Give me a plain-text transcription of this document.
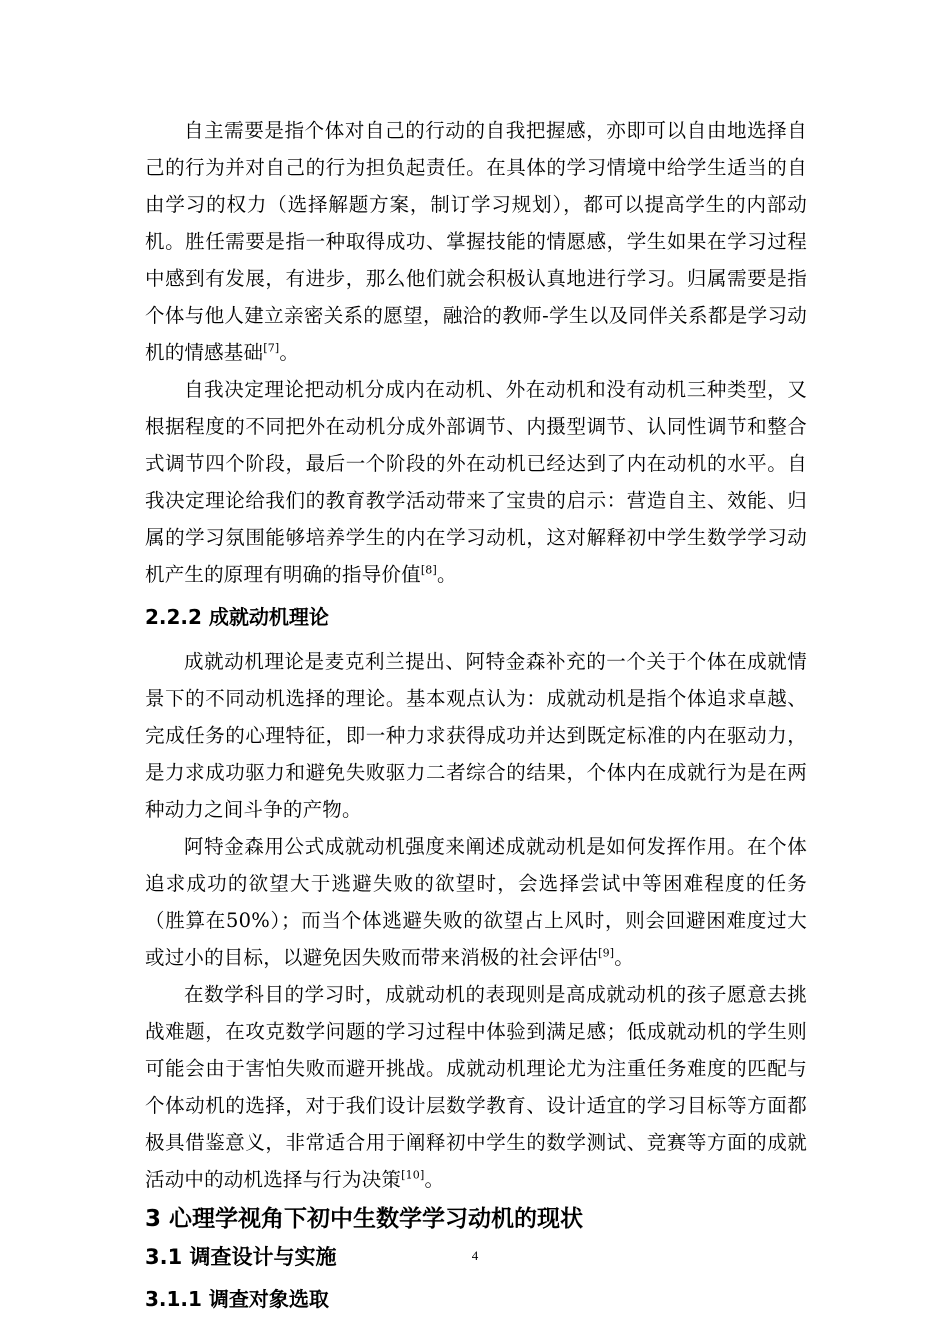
自主需要是指个体对自己的行动的自我把握感，亦即可以自由地选择自己的行为并对自己的行为担负起责任。在具体的学习情境中给学生适当的自由学习的权力（选择解题方案，制订学习规划），都可以提高学生的内部动机。胜任需要是指一种取得成功、掌握技能的情愿感，学生如果在学习过程中感到有发展，有进步，那么他们就会积极认真地进行学习。归属需要是指个体与他人建立亲密关系的愿望，融洽的教师-学生以及同伴关系都是学习动机的情感基础[7]。

自我决定理论把动机分成内在动机、外在动机和没有动机三种类型，又根据程度的不同把外在动机分成外部调节、内摄型调节、认同性调节和整合式调节四个阶段，最后一个阶段的外在动机已经达到了内在动机的水平。自我决定理论给我们的教育教学活动带来了宝贵的启示：营造自主、效能、归属的学习氛围能够培养学生的内在学习动机，这对解释初中学生数学学习动机产生的原理有明确的指导价值[8]。

2.2.2 成就动机理论

成就动机理论是麦克利兰提出、阿特金森补充的一个关于个体在成就情景下的不同动机选择的理论。基本观点认为：成就动机是指个体追求卓越、完成任务的心理特征，即一种力求获得成功并达到既定标准的内在驱动力，是力求成功驱力和避免失败驱力二者综合的结果，个体内在成就行为是在两种动力之间斗争的产物。

阿特金森用公式成就动机强度来阐述成就动机是如何发挥作用。在个体追求成功的欲望大于逃避失败的欲望时，会选择尝试中等困难程度的任务（胜算在50%）；而当个体逃避失败的欲望占上风时，则会回避困难度过大或过小的目标，以避免因失败而带来消极的社会评估[9]。

在数学科目的学习时，成就动机的表现则是高成就动机的孩子愿意去挑战难题，在攻克数学问题的学习过程中体验到满足感；低成就动机的学生则可能会由于害怕失败而避开挑战。成就动机理论尤为注重任务难度的匹配与个体动机的选择，对于我们设计层数学教育、设计适宜的学习目标等方面都极具借鉴意义，非常适合用于阐释初中学生的数学测试、竞赛等方面的成就活动中的动机选择与行为决策[10]。

3 心理学视角下初中生数学学习动机的现状
3.1 调查设计与实施
3.1.1 调查对象选取
4
